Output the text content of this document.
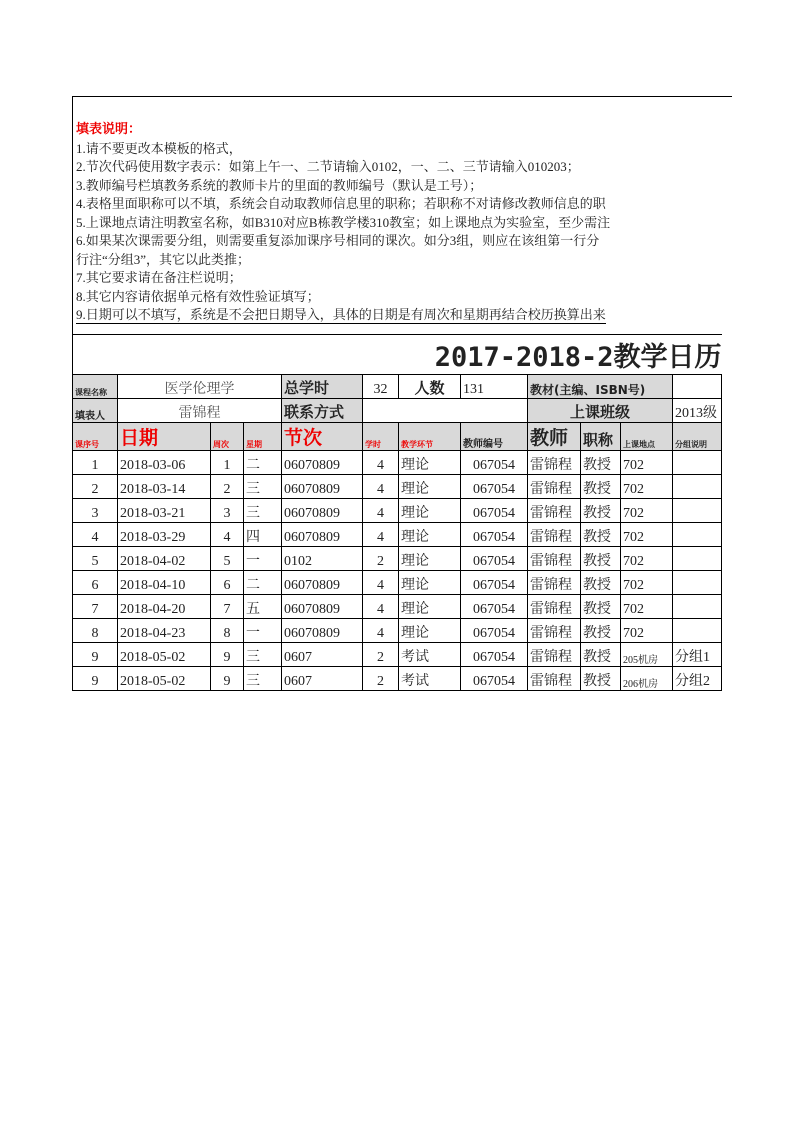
填表说明：
1.请不要更改本模板的格式，
2.节次代码使用数字表示：如第上午一、二节请输入0102，一、二、三节请输入010203；
3.教师编号栏填教务系统的教师卡片的里面的教师编号（默认是工号）；
4.表格里面职称可以不填，系统会自动取教师信息里的职称；若职称不对请修改教师信息的职
5.上课地点请注明教室名称，如B310对应B栋教学楼310教室；如上课地点为实验室，至少需注
6.如果某次课需要分组，则需要重复添加课序号相同的课次。如分3组，则应在该组第一行分
行注“分组3”，其它以此类推；
7.其它要求请在备注栏说明；
8.其它内容请依据单元格有效性验证填写；
9.日期可以不填写，系统是不会把日期导入，具体的日期是有周次和星期再结合校历换算出来
2017-2018-2教学日历											
课程名称	医学伦理学			总学时	32	人数	131	教材(主编、ISBN号)			
填表人	雷锦程			联系方式				上课班级			2013级
课序号	日期	周次	星期	节次	学时	教学环节	教师编号	教师	职称	上课地点	分组说明
1	2018-03-06	1	二	06070809	4	理论	067054	雷锦程	教授	702	
2	2018-03-14	2	三	06070809	4	理论	067054	雷锦程	教授	702	
3	2018-03-21	3	三	06070809	4	理论	067054	雷锦程	教授	702	
4	2018-03-29	4	四	06070809	4	理论	067054	雷锦程	教授	702	
5	2018-04-02	5	一	0102	2	理论	067054	雷锦程	教授	702	
6	2018-04-10	6	二	06070809	4	理论	067054	雷锦程	教授	702	
7	2018-04-20	7	五	06070809	4	理论	067054	雷锦程	教授	702	
8	2018-04-23	8	一	06070809	4	理论	067054	雷锦程	教授	702	
9	2018-05-02	9	三	0607	2	考试	067054	雷锦程	教授	205机房	分组1
9	2018-05-02	9	三	0607	2	考试	067054	雷锦程	教授	206机房	分组2
